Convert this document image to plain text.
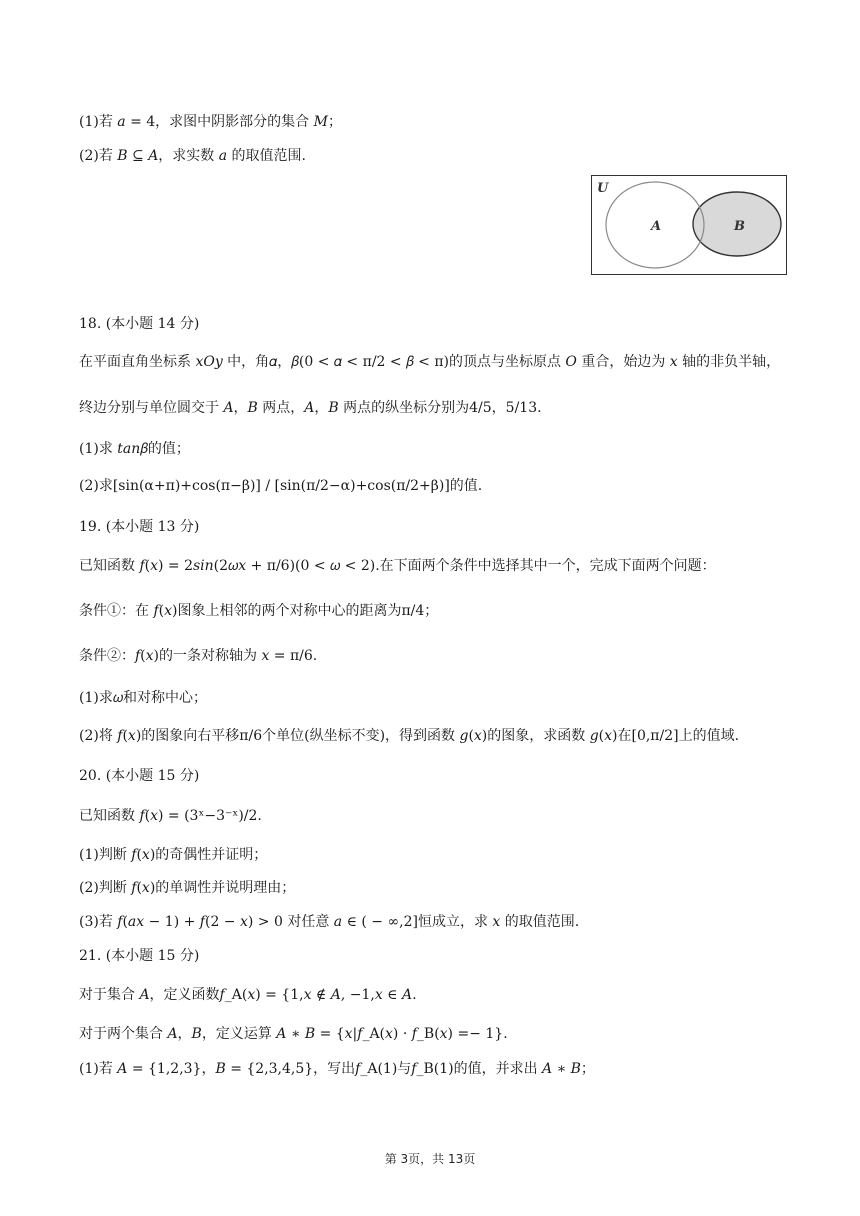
(1)若 𝑎 = 4，求图中阴影部分的集合 𝑀；
(2)若 𝐵 ⊆ 𝐴，求实数 𝑎 的取值范围.
U
A	B
18. (本小题 14 分)
在平面直角坐标系 𝑥𝑂𝑦 中，角𝛼，𝛽(0 < 𝛼 < π/2 < 𝛽 < π)的顶点与坐标原点 𝑂 重合，始边为 𝑥 轴的非负半轴，
终边分别与单位圆交于 𝐴，𝐵 两点，𝐴，𝐵 两点的纵坐标分别为4/5，5/13.
(1)求 𝑡𝑎𝑛𝛽的值；
(2)求[sin(α+π)+cos(π−β)] / [sin(π/2−α)+cos(π/2+β)]的值.
19. (本小题 13 分)
已知函数 𝑓(𝑥) = 2𝑠𝑖𝑛(2𝜔𝑥 + π/6)(0 < 𝜔 < 2).在下面两个条件中选择其中一个，完成下面两个问题：
条件①：在 𝑓(𝑥)图象上相邻的两个对称中心的距离为π/4；
条件②：𝑓(𝑥)的一条对称轴为 𝑥 = π/6.
(1)求𝜔和对称中心；
(2)将 𝑓(𝑥)的图象向右平移π/6个单位(纵坐标不变)，得到函数 𝑔(𝑥)的图象，求函数 𝑔(𝑥)在[0,π/2]上的值域.
20. (本小题 15 分)
已知函数 𝑓(𝑥) = (3ˣ−3⁻ˣ)/2.
(1)判断 𝑓(𝑥)的奇偶性并证明；
(2)判断 𝑓(𝑥)的单调性并说明理由；
(3)若 𝑓(𝑎𝑥 − 1) + 𝑓(2 − 𝑥) > 0 对任意 𝑎 ∈ ( − ∞,2]恒成立，求 𝑥 的取值范围.
21. (本小题 15 分)
对于集合 𝐴，定义函数𝑓_A(𝑥) = {1,𝑥 ∉ 𝐴, −1,𝑥 ∈ 𝐴.
对于两个集合 𝐴，𝐵，定义运算 𝐴 ∗ 𝐵 = {𝑥|𝑓_A(𝑥) · 𝑓_B(𝑥) =− 1}.
(1)若 𝐴 = {1,2,3}，𝐵 = {2,3,4,5}，写出𝑓_A(1)与𝑓_B(1)的值，并求出 𝐴 ∗ 𝐵；
第 3页，共 13页
